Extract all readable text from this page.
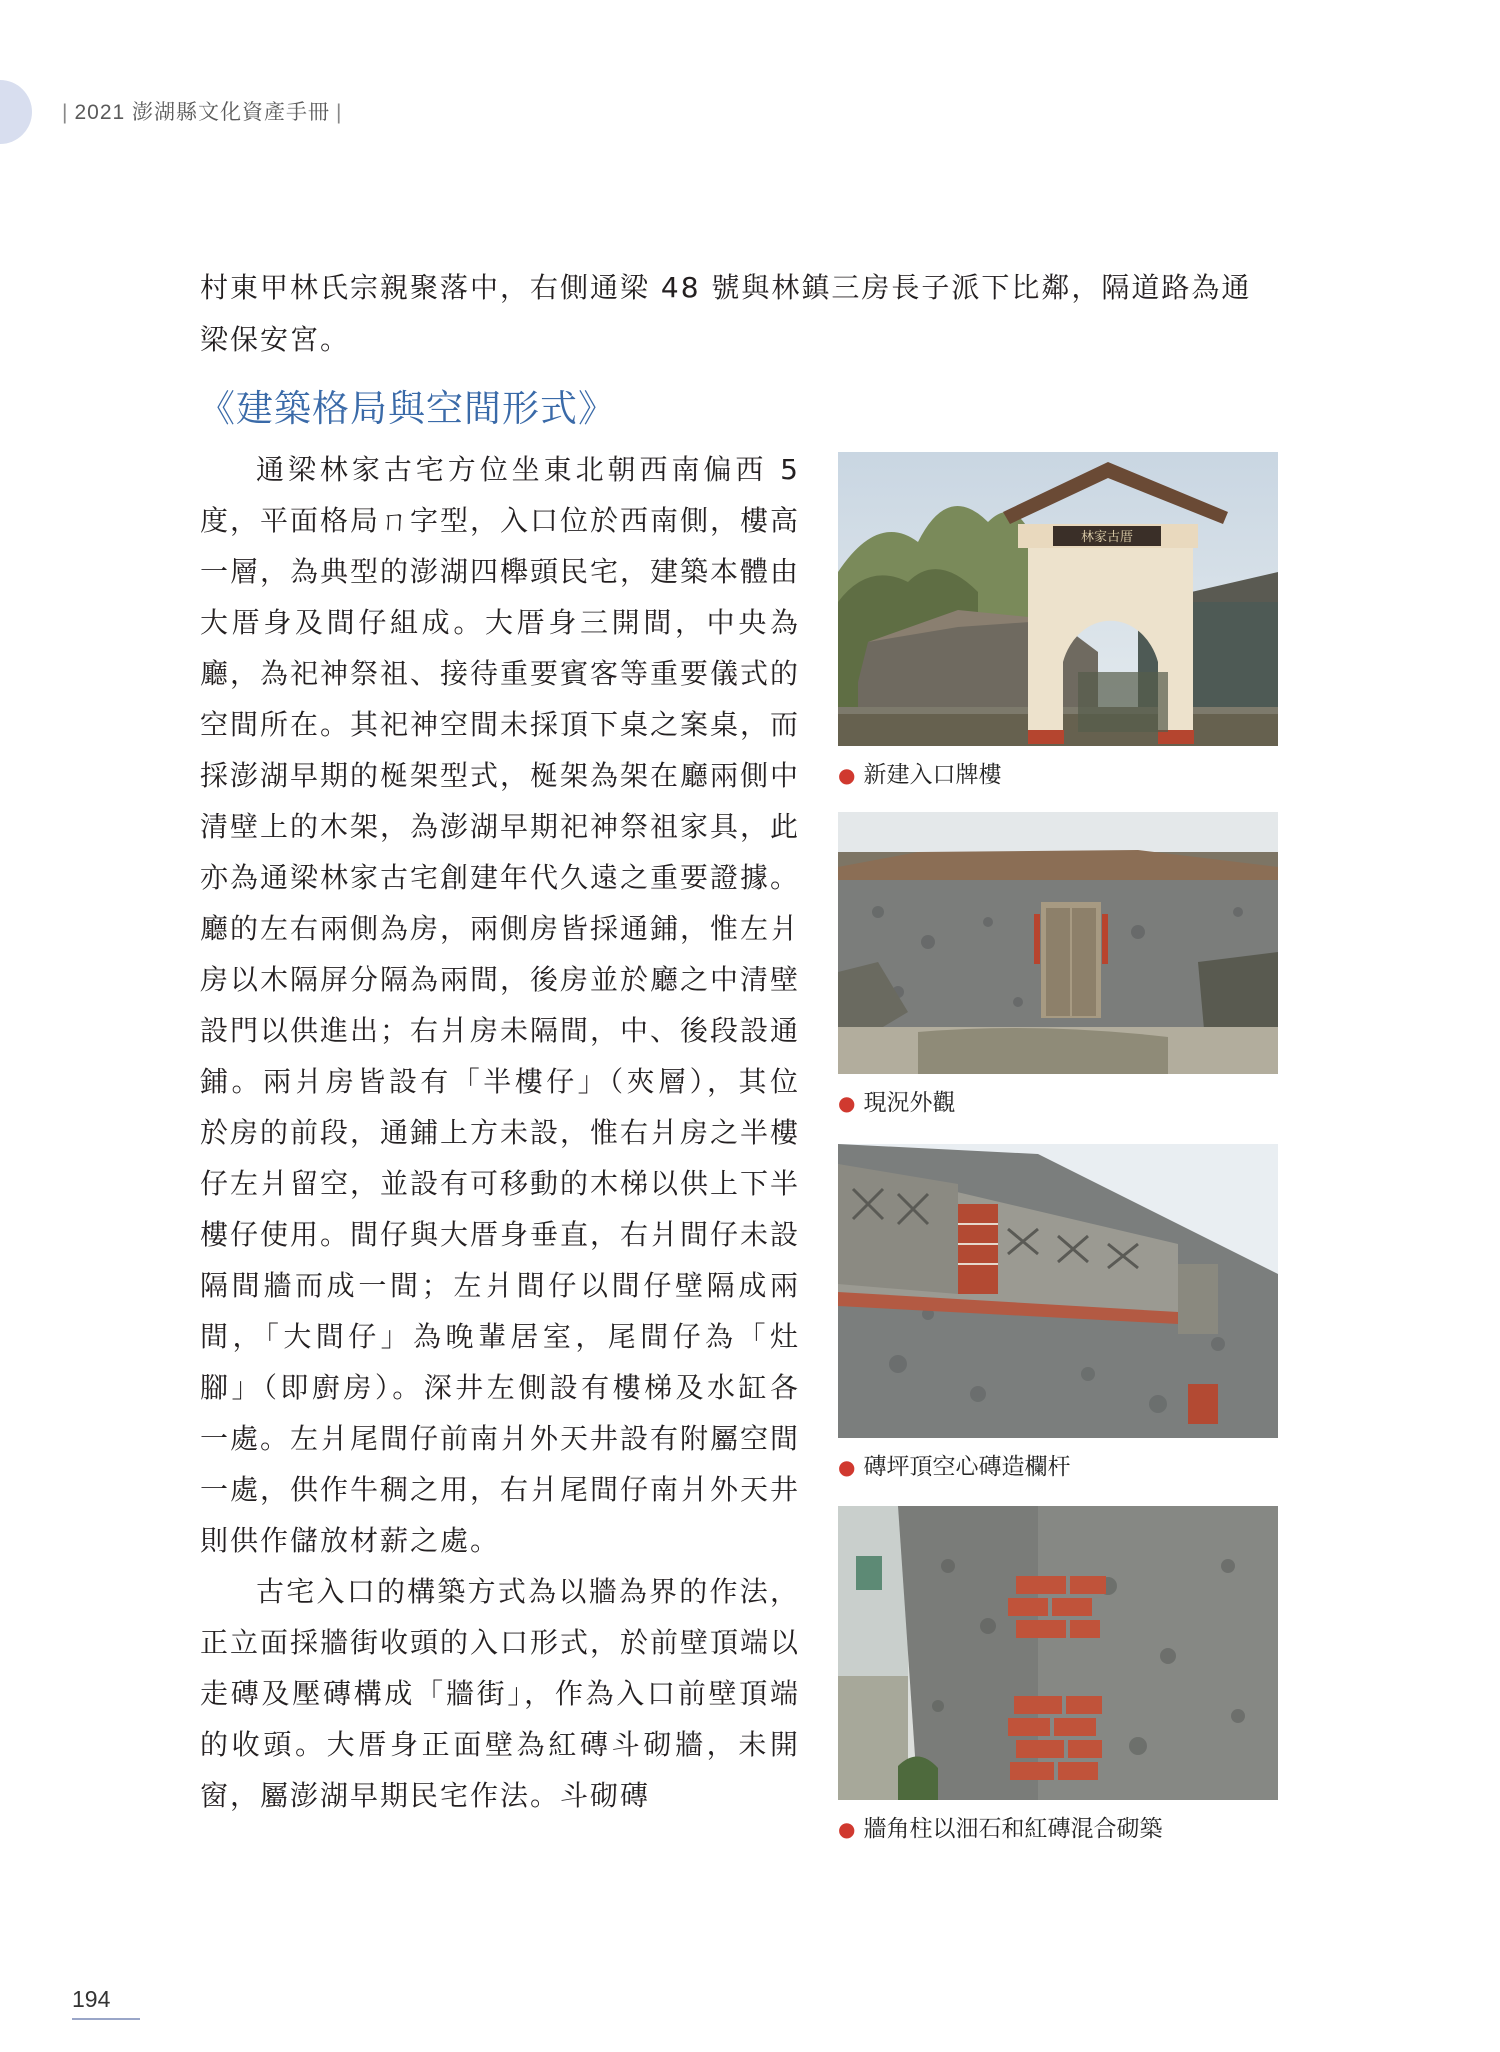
| 2021 澎湖縣文化資產手冊 |

村東甲林氏宗親聚落中，右側通梁 48 號與林鎮三房長子派下比鄰，隔道路為通梁保安宮。

《建築格局與空間形式》

通梁林家古宅方位坐東北朝西南偏西 5 度，平面格局ㄇ字型，入口位於西南側，樓高一層，為典型的澎湖四櫸頭民宅，建築本體由大厝身及間仔組成。大厝身三開間，中央為廳，為祀神祭祖、接待重要賓客等重要儀式的空間所在。其祀神空間未採頂下桌之案桌，而採澎湖早期的梴架型式，梴架為架在廳兩側中清壁上的木架，為澎湖早期祀神祭祖家具，此亦為通梁林家古宅創建年代久遠之重要證據。廳的左右兩側為房，兩側房皆採通鋪，惟左爿房以木隔屏分隔為兩間，後房並於廳之中清壁設門以供進出；右爿房未隔間，中、後段設通鋪。兩爿房皆設有「半樓仔」（夾層），其位於房的前段，通鋪上方未設，惟右爿房之半樓仔左爿留空，並設有可移動的木梯以供上下半樓仔使用。間仔與大厝身垂直，右爿間仔未設隔間牆而成一間；左爿間仔以間仔壁隔成兩間，「大間仔」為晚輩居室，尾間仔為「灶腳」（即廚房）。深井左側設有樓梯及水缸各一處。左爿尾間仔前南爿外天井設有附屬空間一處，供作牛稠之用，右爿尾間仔南爿外天井則供作儲放材薪之處。

古宅入口的構築方式為以牆為界的作法，正立面採牆街收頭的入口形式，於前壁頂端以走磚及壓磚構成「牆街」，作為入口前壁頂端的收頭。大厝身正面壁為紅磚斗砌牆，未開窗，屬澎湖早期民宅作法。斗砌磚

林家古厝
● 新建入口牌樓
● 現況外觀
● 磚坪頂空心磚造欄杆
● 牆角柱以沺石和紅磚混合砌築
194
